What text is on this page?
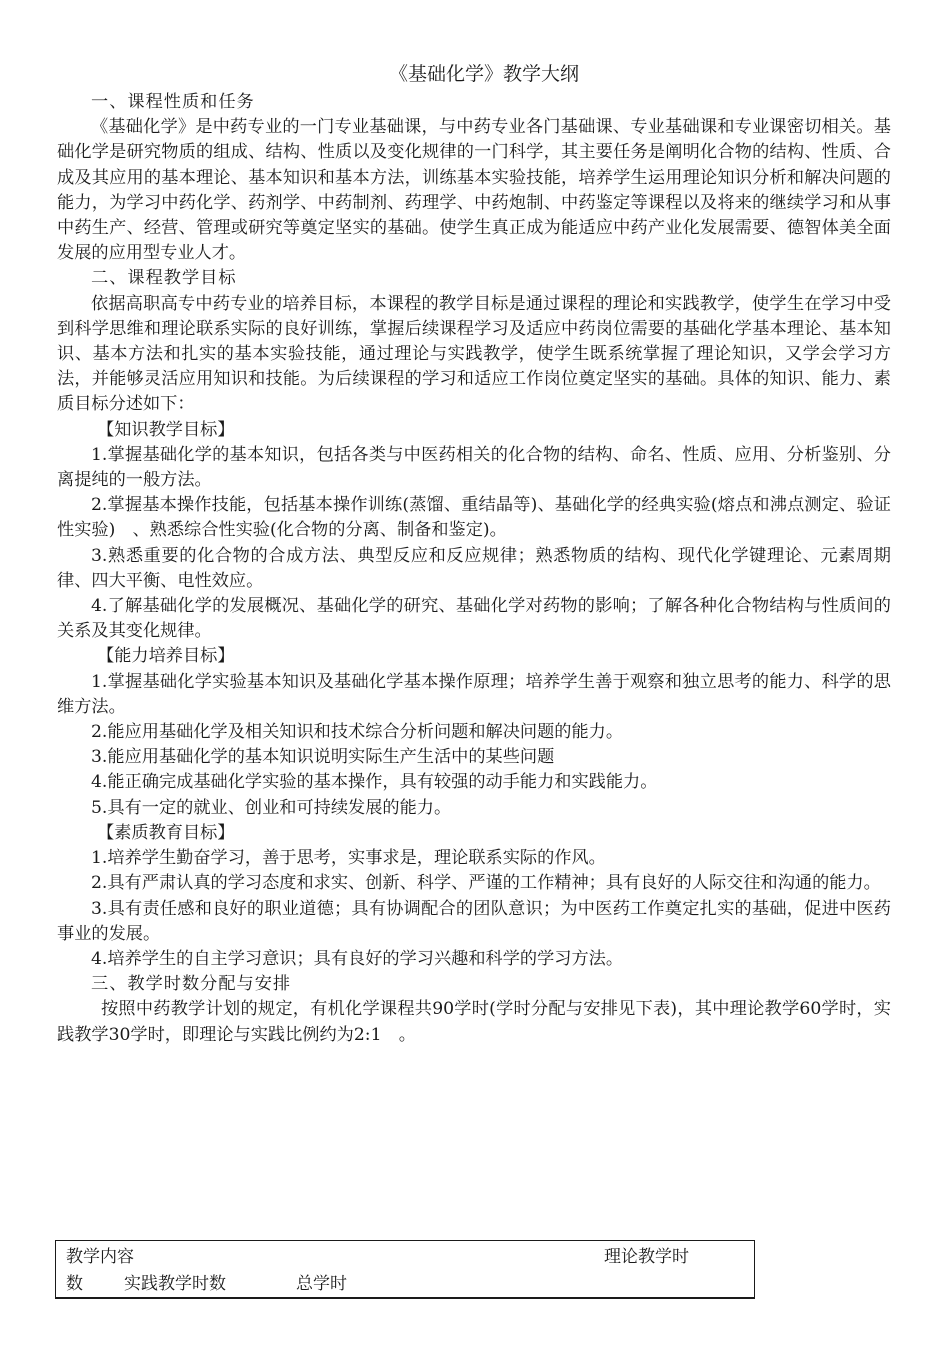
《基础化学》教学大纲

一、课程性质和任务

《基础化学》是中药专业的一门专业基础课，与中药专业各门基础课、专业基础课和专业课密切相关。基础化学是研究物质的组成、结构、性质以及变化规律的一门科学，其主要任务是阐明化合物的结构、性质、合成及其应用的基本理论、基本知识和基本方法，训练基本实验技能，培养学生运用理论知识分析和解决问题的能力，为学习中药化学、药剂学、中药制剂、药理学、中药炮制、中药鉴定等课程以及将来的继续学习和从事中药生产、经营、管理或研究等奠定坚实的基础。使学生真正成为能适应中药产业化发展需要、德智体美全面发展的应用型专业人才。

二、课程教学目标

依据高职高专中药专业的培养目标，本课程的教学目标是通过课程的理论和实践教学，使学生在学习中受到科学思维和理论联系实际的良好训练，掌握后续课程学习及适应中药岗位需要的基础化学基本理论、基本知识、基本方法和扎实的基本实验技能，通过理论与实践教学，使学生既系统掌握了理论知识，又学会学习方法，并能够灵活应用知识和技能。为后续课程的学习和适应工作岗位奠定坚实的基础。具体的知识、能力、素质目标分述如下：

【知识教学目标】

1.掌握基础化学的基本知识，包括各类与中医药相关的化合物的结构、命名、性质、应用、分析鉴别、分离提纯的一般方法。

2.掌握基本操作技能，包括基本操作训练(蒸馏、重结晶等)、基础化学的经典实验(熔点和沸点测定、验证性实验)　、熟悉综合性实验(化合物的分离、制备和鉴定)。

3.熟悉重要的化合物的合成方法、典型反应和反应规律；熟悉物质的结构、现代化学键理论、元素周期律、四大平衡、电性效应。

4.了解基础化学的发展概况、基础化学的研究、基础化学对药物的影响；了解各种化合物结构与性质间的关系及其变化规律。

【能力培养目标】

1.掌握基础化学实验基本知识及基础化学基本操作原理；培养学生善于观察和独立思考的能力、科学的思维方法。

2.能应用基础化学及相关知识和技术综合分析问题和解决问题的能力。

3.能应用基础化学的基本知识说明实际生产生活中的某些问题

4.能正确完成基础化学实验的基本操作，具有较强的动手能力和实践能力。

5.具有一定的就业、创业和可持续发展的能力。

【素质教育目标】

1.培养学生勤奋学习，善于思考，实事求是，理论联系实际的作风。

2.具有严肃认真的学习态度和求实、创新、科学、严谨的工作精神；具有良好的人际交往和沟通的能力。

3.具有责任感和良好的职业道德；具有协调配合的团队意识；为中医药工作奠定扎实的基础，促进中医药事业的发展。

4.培养学生的自主学习意识；具有良好的学习兴趣和科学的学习方法。

三、教学时数分配与安排

按照中药教学计划的规定，有机化学课程共90学时(学时分配与安排见下表)，其中理论教学60学时，实践教学30学时，即理论与实践比例约为2:1　。

教学内容	理论教学时
数 实践教学时数	总学时
